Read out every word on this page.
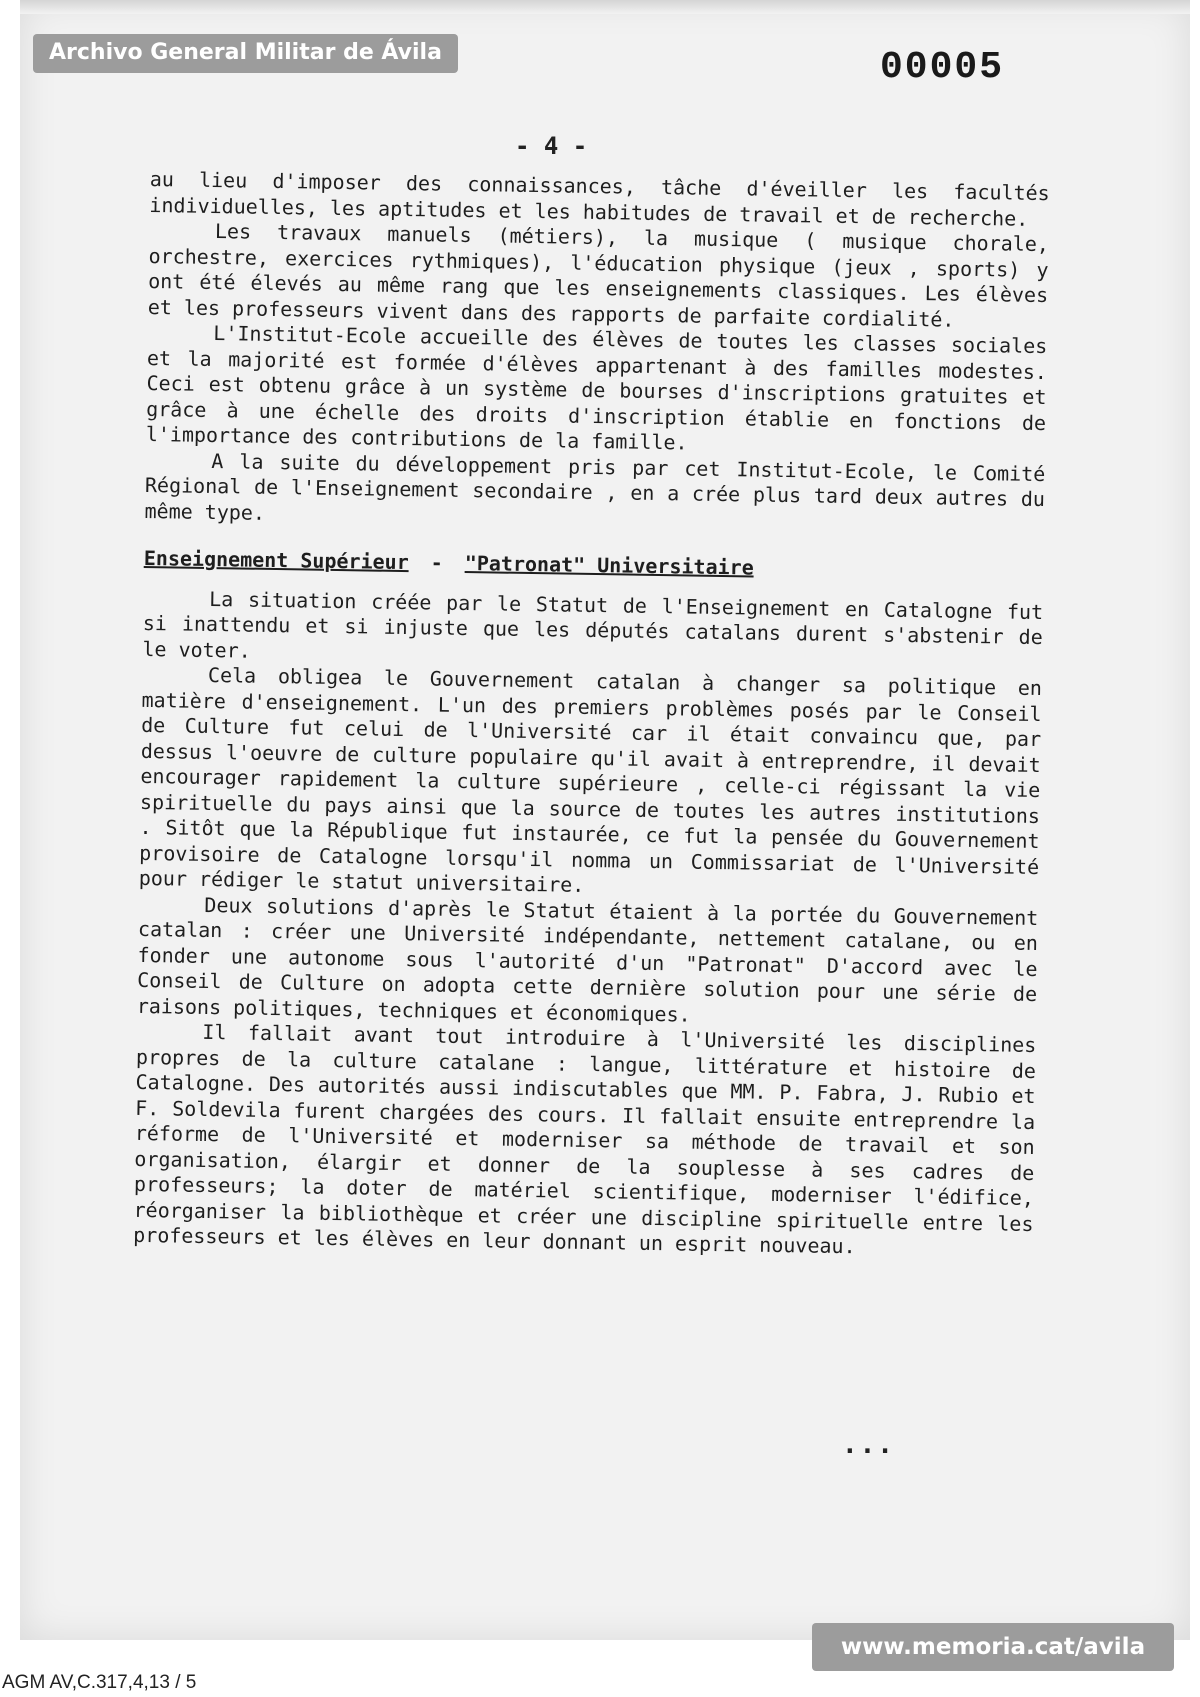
Archivo General Militar de Ávila	00005
- 4 -

au lieu d'imposer des connaissances, tâche d'éveiller les facultés individuelles, les aptitudes et les habitudes de travail et de recherche.

Les travaux manuels (métiers), la musique ( musique chorale, orchestre, exercices rythmiques), l'éducation physique (jeux , sports) y ont été élevés au même rang que les enseignements classiques. Les élèves et les professeurs vivent dans des rapports de parfaite cordialité.

L'Institut-Ecole accueille des élèves de toutes les classes sociales et la majorité est formée d'élèves appartenant à des familles modestes. Ceci est obtenu grâce à un système de bourses d'inscriptions gratuites et grâce à une échelle des droits d'inscription établie en fonctions de l'importance des contributions de la famille.

A la suite du développement pris par cet Institut-Ecole, le Comité Régional de l'Enseignement secondaire , en a crée plus tard deux autres du même type.

Enseignement Supérieur - "Patronat" Universitaire

La situation créée par le Statut de l'Enseignement en Catalogne fut si inattendu et si injuste que les députés catalans durent s'abstenir de le voter.

Cela obligea le Gouvernement catalan à changer sa politique en matière d'enseignement. L'un des premiers problèmes posés par le Conseil de Culture fut celui de l'Université car il était convaincu que, par dessus l'oeuvre de culture populaire qu'il avait à entreprendre, il devait encourager rapidement la culture supérieure , celle-ci régissant la vie spirituelle du pays ainsi que la source de toutes les autres institutions . Sitôt que la République fut instaurée, ce fut la pensée du Gouvernement provisoire de Catalogne lorsqu'il nomma un Commissariat de l'Université pour rédiger le statut universitaire.

Deux solutions d'après le Statut étaient à la portée du Gouvernement catalan : créer une Université indépendante, nettement catalane, ou en fonder une autonome sous l'autorité d'un "Patronat" D'accord avec le Conseil de Culture on adopta cette dernière solution pour une série de raisons politiques, techniques et économiques.

Il fallait avant tout introduire à l'Université les disciplines propres de la culture catalane : langue, littérature et histoire de Catalogne. Des autorités aussi indiscutables que MM. P. Fabra, J. Rubio et F. Soldevila furent chargées des cours. Il fallait ensuite entreprendre la réforme de l'Université et moderniser sa méthode de travail et son organisation, élargir et donner de la souplesse à ses cadres de professeurs; la doter de matériel scientifique, moderniser l'édifice, réorganiser la bibliothèque et créer une discipline spirituelle entre les professeurs et les élèves en leur donnant un esprit nouveau.

...
www.memoria.cat/avila
AGM AV,C.317,4,13 / 5
